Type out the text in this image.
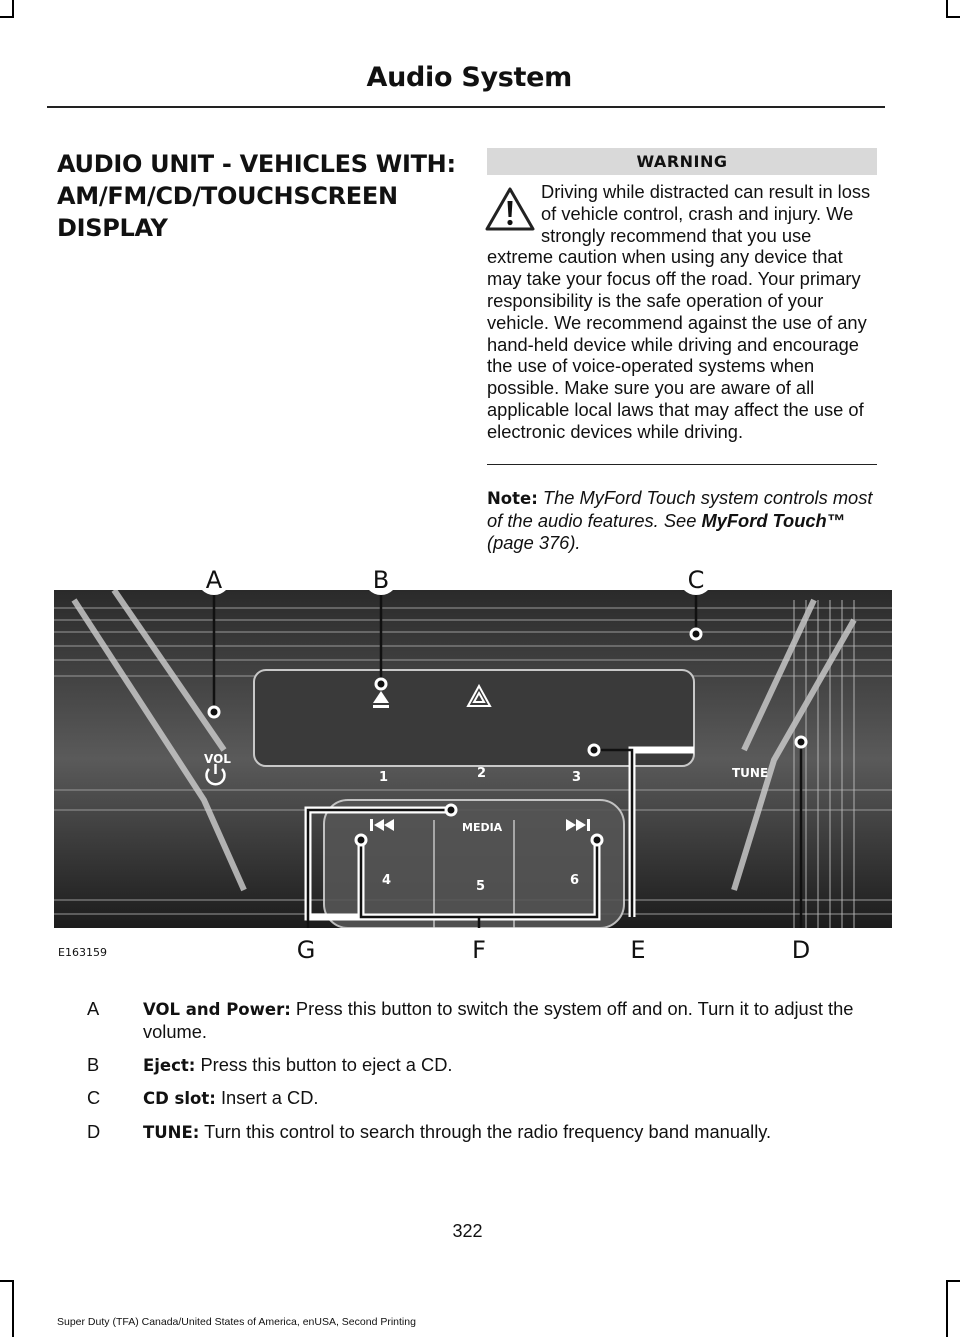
Audio System
AUDIO UNIT - VEHICLES WITH: AM/FM/CD/TOUCHSCREEN DISPLAY
WARNING
Driving while distracted can result in loss of vehicle control, crash and injury. We strongly recommend that you use extreme caution when using any device that may take your focus off the road. Your primary responsibility is the safe operation of your vehicle. We recommend against the use of any hand-held device while driving and encourage the use of voice-operated systems when possible. Make sure you are aware of all applicable local laws that may affect the use of electronic devices while driving.
Note: The MyFord Touch system controls most of the audio features. See MyFord Touch™ (page 376).
VOL
TUNE
MEDIA
1	2	3
4	5	6
A	B	C
D
E
F
G
E163159
A	VOL and Power: Press this button to switch the system off and on. Turn it to adjust the volume.
B	Eject: Press this button to eject a CD.
C	CD slot: Insert a CD.
D	TUNE: Turn this control to search through the radio frequency band manually.
322
Super Duty (TFA) Canada/United States of America, enUSA, Second Printing
